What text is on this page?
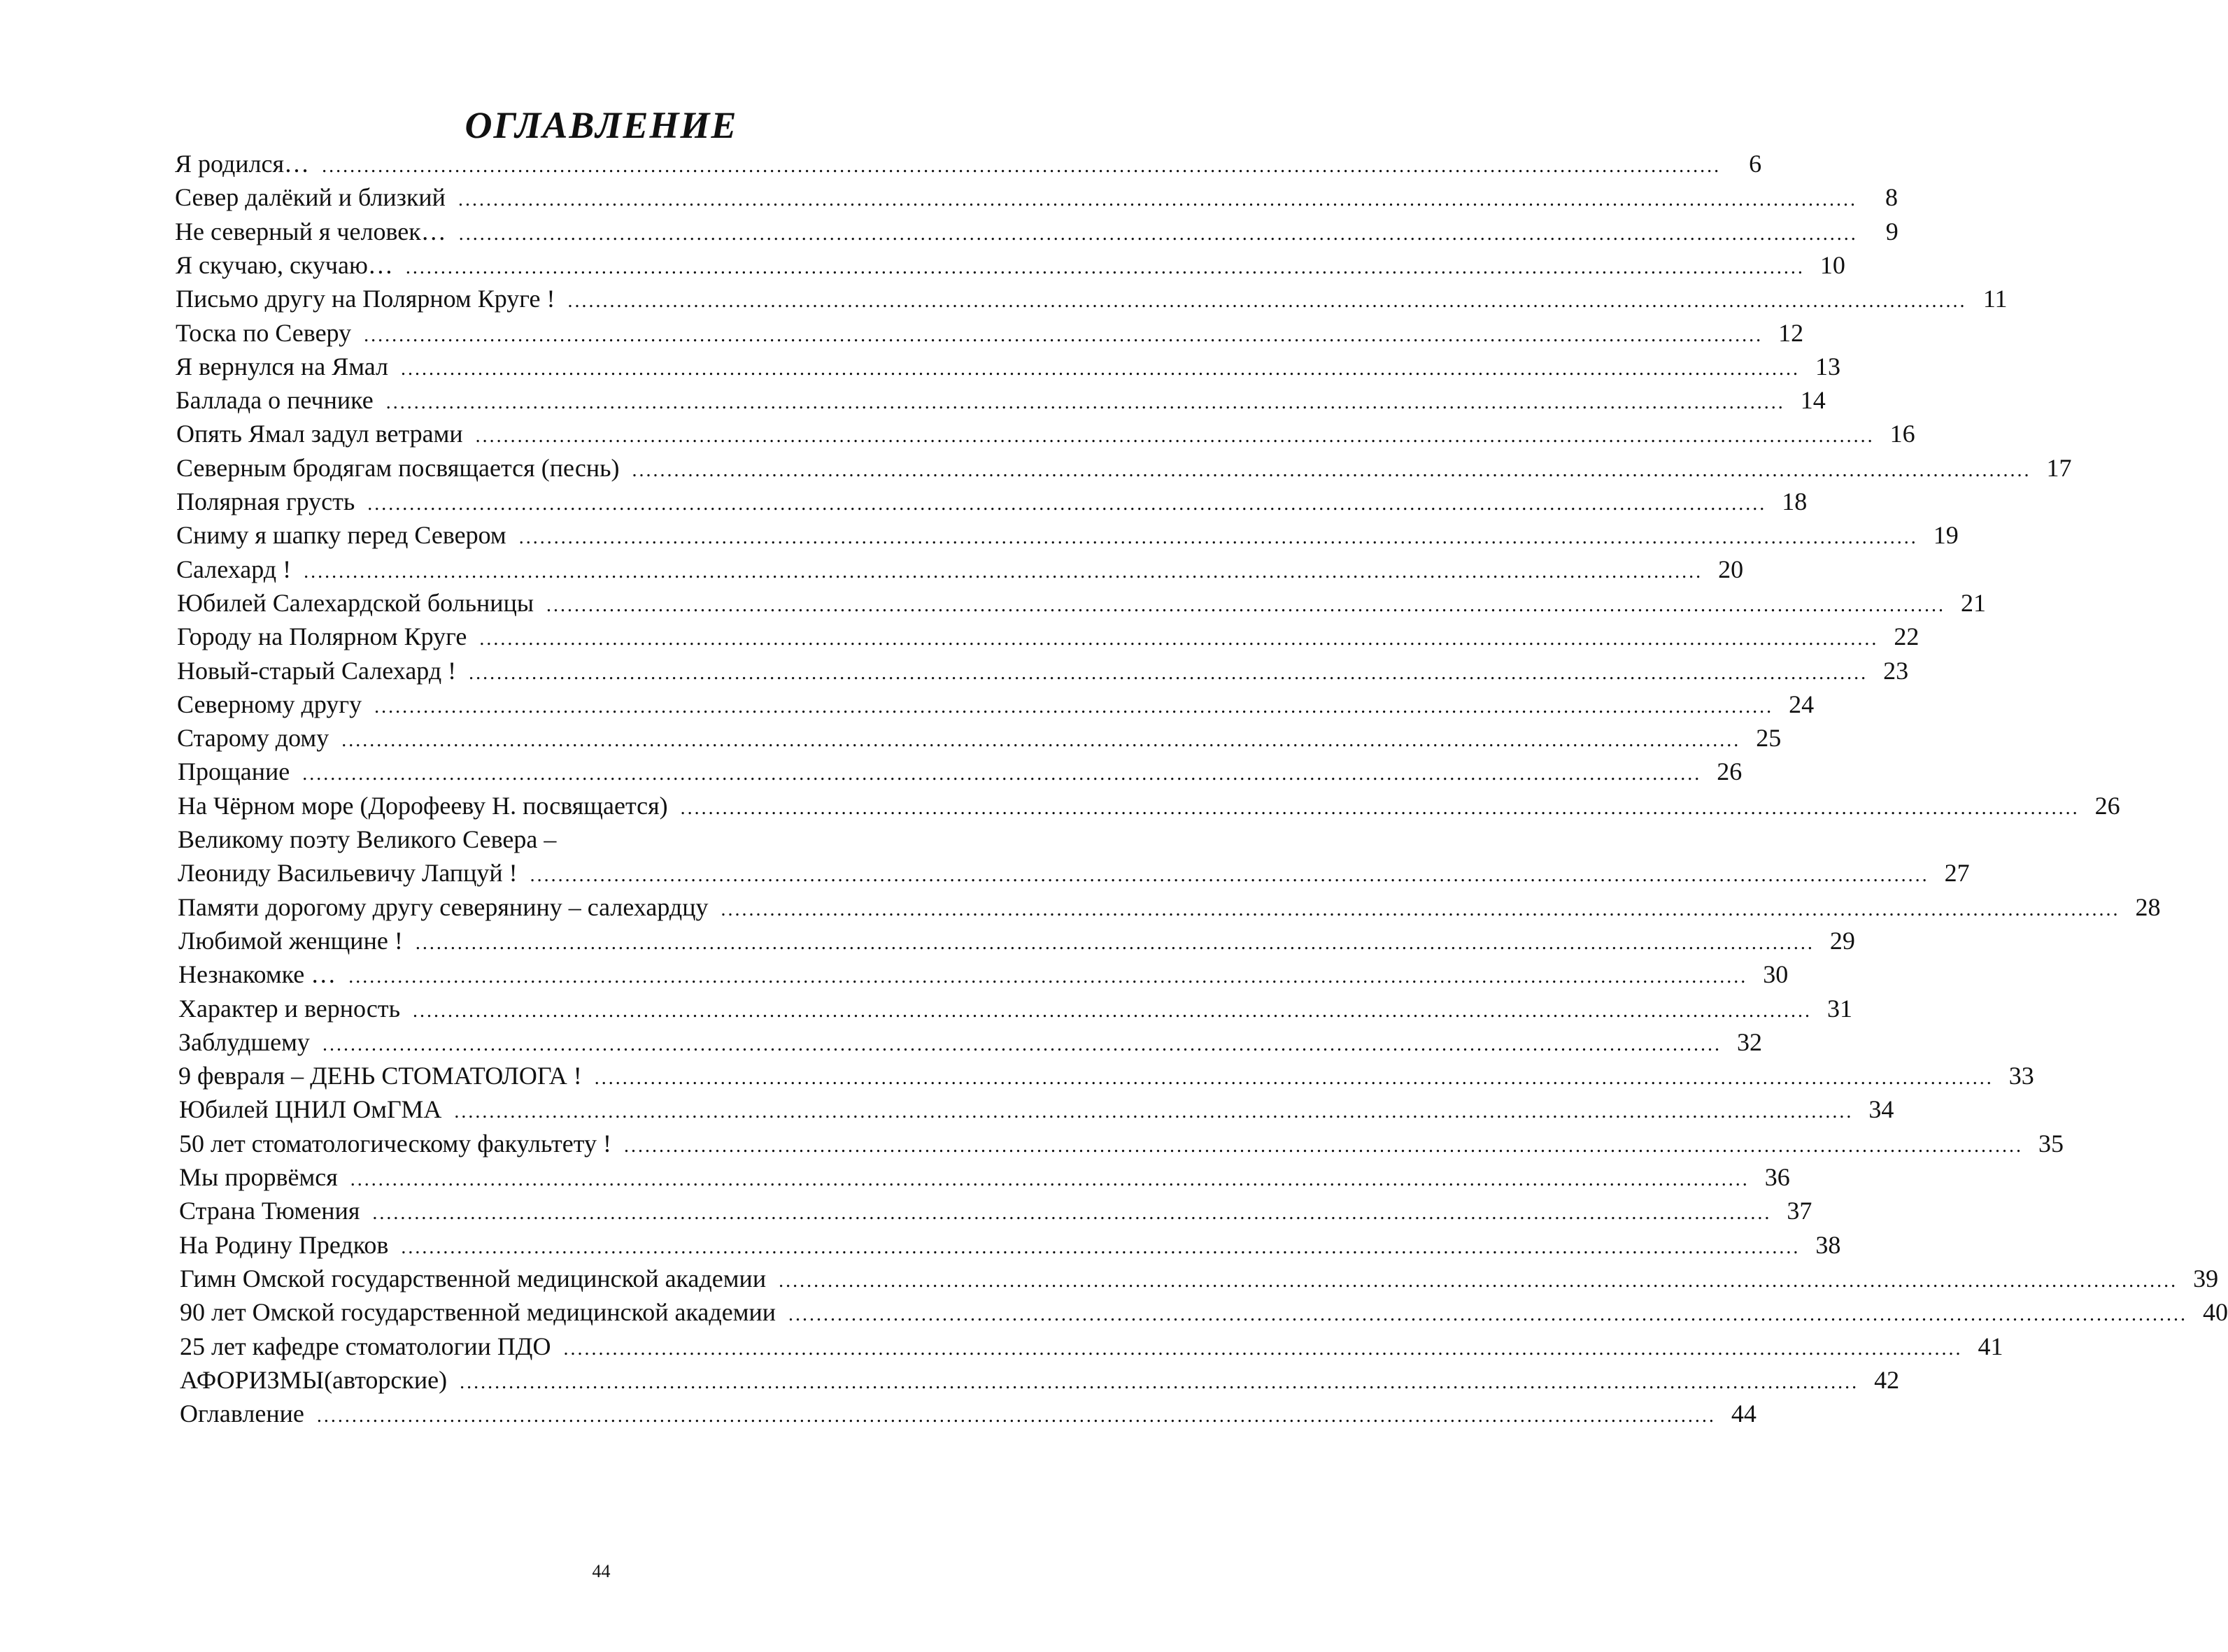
ОГЛАВЛЕНИЕ
Я родился… ........................................................................................................................................................................................................	6
Север далёкий и близкий ........................................................................................................................................................................................................	8
Не северный я человек… ........................................................................................................................................................................................................	9
Я скучаю, скучаю… ........................................................................................................................................................................................................ 10
Письмо другу на Полярном Круге ! ........................................................................................................................................................................................................ 11
Тоска по Северу ........................................................................................................................................................................................................ 12
Я вернулся на Ямал ........................................................................................................................................................................................................ 13
Баллада о печнике ........................................................................................................................................................................................................ 14
Опять Ямал задул ветрами ........................................................................................................................................................................................................ 16
Северным бродягам посвящается (песнь) ........................................................................................................................................................................................................ 17
Полярная грусть ........................................................................................................................................................................................................ 18
Сниму я шапку перед Севером ........................................................................................................................................................................................................ 19
Салехард ! ........................................................................................................................................................................................................ 20
Юбилей Салехардской больницы ........................................................................................................................................................................................................ 21
Городу на Полярном Круге ........................................................................................................................................................................................................ 22
Новый-старый Салехард ! ........................................................................................................................................................................................................ 23
Северному другу ........................................................................................................................................................................................................ 24
Старому дому ........................................................................................................................................................................................................ 25
Прощание ........................................................................................................................................................................................................ 26
На Чёрном море (Дорофееву Н. посвящается) ........................................................................................................................................................................................................ 26
Великому поэту Великого Севера –
Леониду Васильевичу Лапцуй ! ........................................................................................................................................................................................................ 27
Памяти дорогому другу северянину – салехардцу ........................................................................................................................................................................................................ 28
Любимой женщине ! ........................................................................................................................................................................................................ 29
Незнакомке … ........................................................................................................................................................................................................ 30
Характер и верность ........................................................................................................................................................................................................ 31
Заблудшему ........................................................................................................................................................................................................ 32
9 февраля – ДЕНЬ СТОМАТОЛОГА ! ........................................................................................................................................................................................................ 33
Юбилей ЦНИЛ ОмГМА ........................................................................................................................................................................................................ 34
50 лет стоматологическому факультету ! ........................................................................................................................................................................................................ 35
Мы прорвёмся ........................................................................................................................................................................................................ 36
Страна Тюмения ........................................................................................................................................................................................................ 37
На Родину Предков ........................................................................................................................................................................................................ 38
Гимн Омской государственной медицинской академии ........................................................................................................................................................................................................ 39
90 лет Омской государственной медицинской академии ........................................................................................................................................................................................................ 40
25 лет кафедре стоматологии ПДО ........................................................................................................................................................................................................ 41
АФОРИЗМЫ(авторские) ........................................................................................................................................................................................................ 42
Оглавление ........................................................................................................................................................................................................ 44
44
